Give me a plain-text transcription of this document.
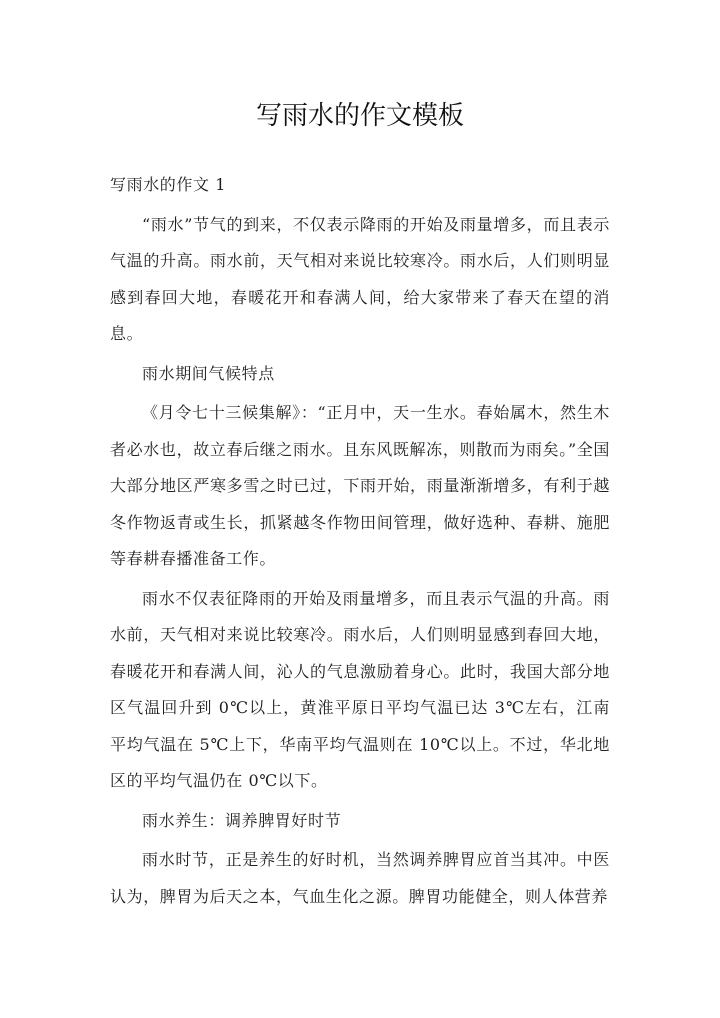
写雨水的作文模板

写雨水的作文 1

“雨水”节气的到来，不仅表示降雨的开始及雨量增多，而且表示气温的升高。雨水前，天气相对来说比较寒冷。雨水后，人们则明显感到春回大地，春暖花开和春满人间，给大家带来了春天在望的消息。

雨水期间气候特点

《月令七十三候集解》：“正月中，天一生水。春始属木，然生木者必水也，故立春后继之雨水。且东风既解冻，则散而为雨矣。”全国大部分地区严寒多雪之时已过，下雨开始，雨量渐渐增多，有利于越冬作物返青或生长，抓紧越冬作物田间管理，做好选种、春耕、施肥等春耕春播准备工作。

雨水不仅表征降雨的开始及雨量增多，而且表示气温的升高。雨水前，天气相对来说比较寒冷。雨水后，人们则明显感到春回大地，春暖花开和春满人间，沁人的气息激励着身心。此时，我国大部分地区气温回升到 0℃以上，黄淮平原日平均气温已达 3℃左右，江南平均气温在 5℃上下，华南平均气温则在 10℃以上。不过，华北地区的平均气温仍在 0℃以下。

雨水养生：调养脾胃好时节

雨水时节，正是养生的好时机，当然调养脾胃应首当其冲。中医认为，脾胃为后天之本，气血生化之源。脾胃功能健全，则人体营养
